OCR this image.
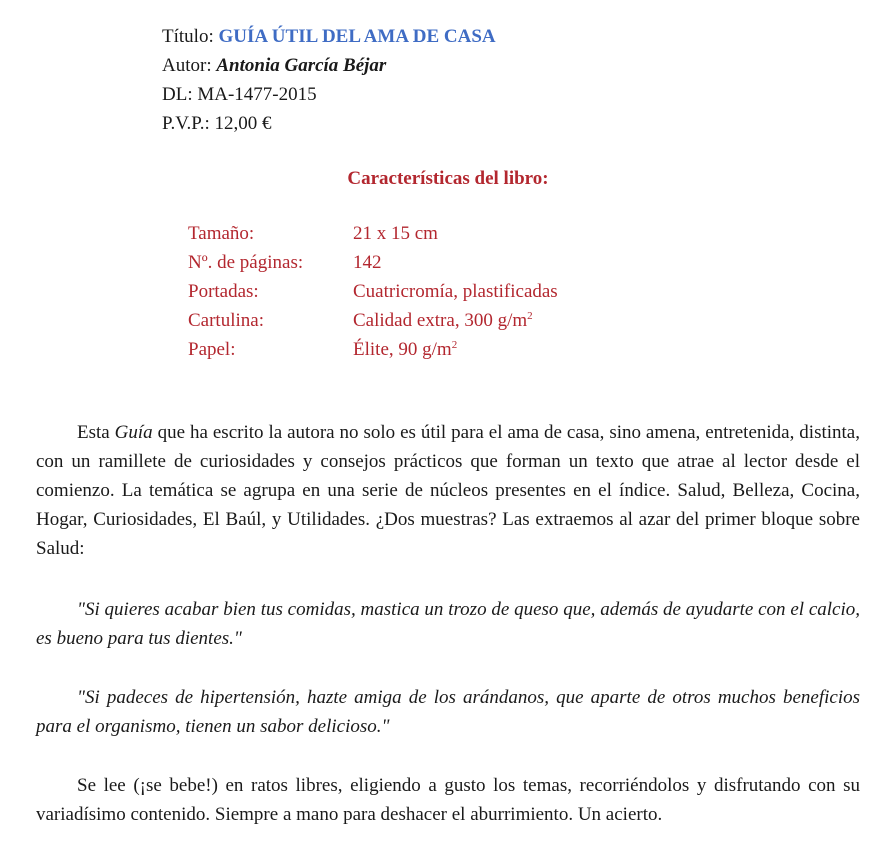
Título: GUÍA ÚTIL DEL AMA DE CASA
Autor: Antonia García Béjar
DL: MA-1477-2015
P.V.P.: 12,00 €
Características del libro:
Tamaño:	21 x 15 cm
Nº. de páginas:	142
Portadas:	Cuatricromía, plastificadas
Cartulina:	Calidad extra, 300 $g/m^2$
Papel:	Élite, 90 $g/m^2$

Esta Guía que ha escrito la autora no solo es útil para el ama de casa, sino amena, entretenida, distinta, con un ramillete de curiosidades y consejos prácticos que forman un texto que atrae al lector desde el comienzo. La temática se agrupa en una serie de núcleos presentes en el índice. Salud, Belleza, Cocina, Hogar, Curiosidades, El Baúl, y Utilidades. ¿Dos muestras? Las extraemos al azar del primer bloque sobre Salud:

"Si quieres acabar bien tus comidas, mastica un trozo de queso que, además de ayudarte con el calcio, es bueno para tus dientes."

"Si padeces de hipertensión, hazte amiga de los arándanos, que aparte de otros muchos beneficios para el organismo, tienen un sabor delicioso."

Se lee (¡se bebe!) en ratos libres, eligiendo a gusto los temas, recorriéndolos y disfrutando con su variadísimo contenido. Siempre a mano para deshacer el aburrimiento. Un acierto.
